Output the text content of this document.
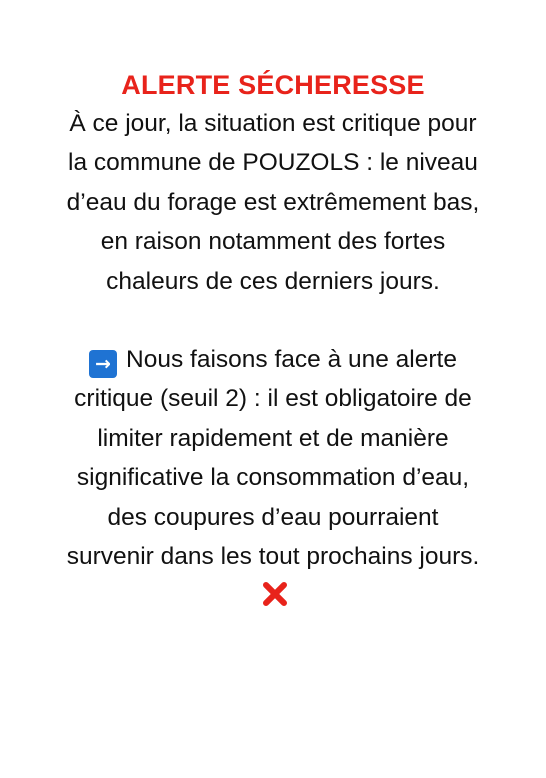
ALERTE SÉCHERESSE
À ce jour, la situation est critique pour la commune de POUZOLS : le niveau d’eau du forage est extrêmement bas, en raison notamment des fortes chaleurs de ces derniers jours.
→ Nous faisons face à une alerte critique (seuil 2) : il est obligatoire de limiter rapidement et de manière significative la consommation d’eau, des coupures d’eau pourraient survenir dans les tout prochains jours.
